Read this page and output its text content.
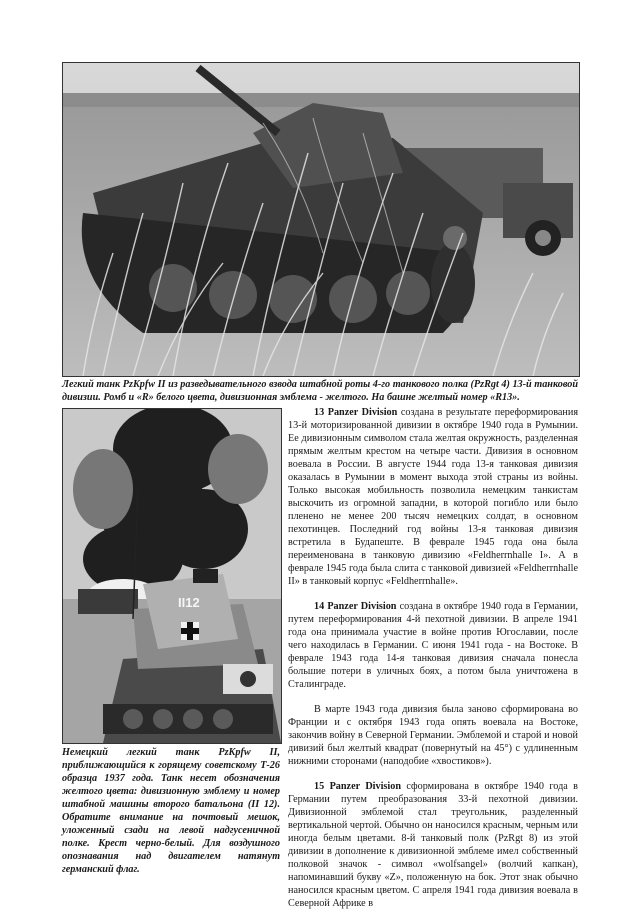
Легкий танк PzKpfw II из разведывательного взвода штабной роты 4-го танкового полка (PzRgt 4) 13-й танковой дивизии. Ромб и «R» белого цвета, дивизионная эмблема - желтого. На башне желтый номер «R13».
II12
Немецкий легкий танк PzKpfw II, приближающийся к горящему советскому Т-26 образца 1937 года. Танк несет обозначения желтого цвета: дивизионную эмблему и номер штабной машины второго батальона (II 12). Обратите внимание на почтовый мешок, уложенный сзади на левой надгусеничной полке. Крест черно-белый. Для воздушного опознавания над двигателем натянут германский флаг.

13 Panzer Division создана в результате переформирования 13-й моторизированной дивизии в октябре 1940 года в Румынии. Ее дивизионным символом стала желтая окружность, разделенная прямым желтым крестом на четыре части. Дивизия в основном воевала в России. В августе 1944 года 13-я танковая дивизия оказалась в Румынии в момент выхода этой страны из войны. Только высокая мобильность позволила немецким танкистам выскочить из огромной западни, в которой погибло или было пленено не менее 200 тысяч немецких солдат, в основном пехотинцев. Последний год войны 13-я танковая дивизия встретила в Будапеште. В феврале 1945 года она была переименована в танковую дивизию «Feldherrnhalle I». А в феврале 1945 года была слита с танковой дивизией «Feldherrnhalle II» в танковый корпус «Feldherrnhalle».

14 Panzer Division создана в октябре 1940 года в Германии, путем переформирования 4-й пехотной дивизии. В апреле 1941 года она принимала участие в войне против Югославии, после чего находилась в Германии. С июня 1941 года - на Востоке. В феврале 1943 года 14-я танковая дивизия сначала понесла большие потери в уличных боях, а потом была уничтожена в Сталинграде.

В марте 1943 года дивизия была заново сформирована во Франции и с октября 1943 года опять воевала на Востоке, закончив войну в Северной Германии. Эмблемой и старой и новой дивизий был желтый квадрат (повернутый на 45°) с удлиненным нижними сторонами (наподобие «хвостиков»).

15 Panzer Division сформирована в октябре 1940 года в Германии путем преобразования 33-й пехотной дивизии. Дивизионной эмблемой стал треугольник, разделенный вертикальной чертой. Обычно он наносился красным, черным или иногда белым цветами. 8-й танковый полк (PzRgt 8) из этой дивизии в дополнение к дивизионной эмблеме имел собственный полковой значок - символ «wolfsangel» (волчий капкан), напоминавший букву «Z», положенную на бок. Этот знак обычно наносился красным цветом. С апреля 1941 года дивизия воевала в Северной Африке в
